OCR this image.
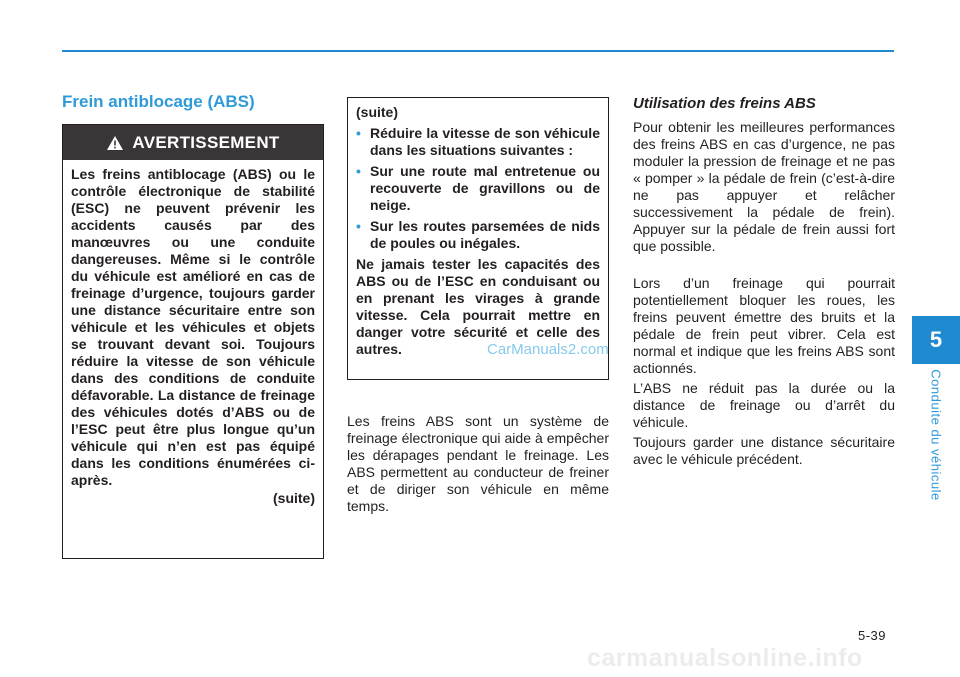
Frein antiblocage (ABS)
AVERTISSEMENT

Les freins antiblocage (ABS) ou le contrôle électronique de stabilité (ESC) ne peuvent prévenir les accidents causés par des manœuvres ou une conduite dangereuses. Même si le contrôle du véhicule est amélioré en cas de freinage d’urgence, toujours garder une distance sécuritaire entre son véhicule et les véhicules et objets se trouvant devant soi. Toujours réduire la vitesse de son véhicule dans des conditions de conduite défavorable. La distance de freinage des véhicules dotés d’ABS ou de l’ESC peut être plus longue qu’un véhicule qui n’en est pas équipé dans les conditions énumérées ci-après.

(suite)

(suite)

• Réduire la vitesse de son véhicule dans les situations suivantes :
• Sur une route mal entretenue ou recouverte de gravillons ou de neige.
• Sur les routes parsemées de nids de poules ou inégales.

Ne jamais tester les capacités des ABS ou de l’ESC en conduisant ou en prenant les virages à grande vitesse. Cela pourrait mettre en danger votre sécurité et celle des autres.	CarManuals2.com

Les freins ABS sont un système de freinage électronique qui aide à empêcher les dérapages pendant le freinage. Les ABS permettent au conducteur de freiner et de diriger son véhicule en même temps.

Utilisation des freins ABS

Pour obtenir les meilleures performances des freins ABS en cas d’urgence, ne pas moduler la pression de freinage et ne pas « pomper » la pédale de frein (c’est-à-dire ne pas appuyer et relâcher successivement la pédale de frein). Appuyer sur la pédale de frein aussi fort que possible.

Lors d’un freinage qui pourrait potentiellement bloquer les roues, les freins peuvent émettre des bruits et la pédale de frein peut vibrer. Cela est normal et indique que les freins ABS sont actionnés.

L’ABS ne réduit pas la durée ou la distance de freinage ou d’arrêt du véhicule.

Toujours garder une distance sécuritaire avec le véhicule précédent.

5
Conduite du véhicule
5-39
carmanualsonline.info
